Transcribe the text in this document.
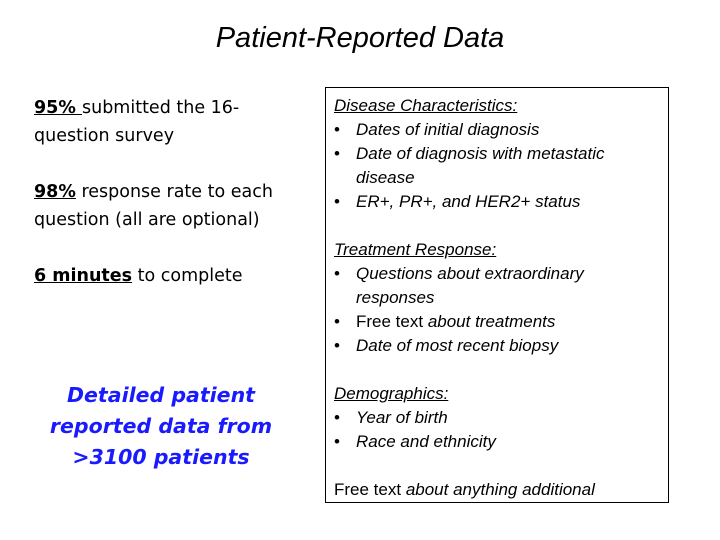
Patient-Reported Data
95% submitted the 16-question survey
98% response rate to each question (all are optional)
6 minutes to complete
Detailed patient reported data from >3100 patients
Disease Characteristics:
• Dates of initial diagnosis
• Date of diagnosis with metastatic disease
• ER+, PR+, and HER2+ status
Treatment Response:
• Questions about extraordinary responses
• Free text about treatments
• Date of most recent biopsy
Demographics:
• Year of birth
• Race and ethnicity
Free text about anything additional
